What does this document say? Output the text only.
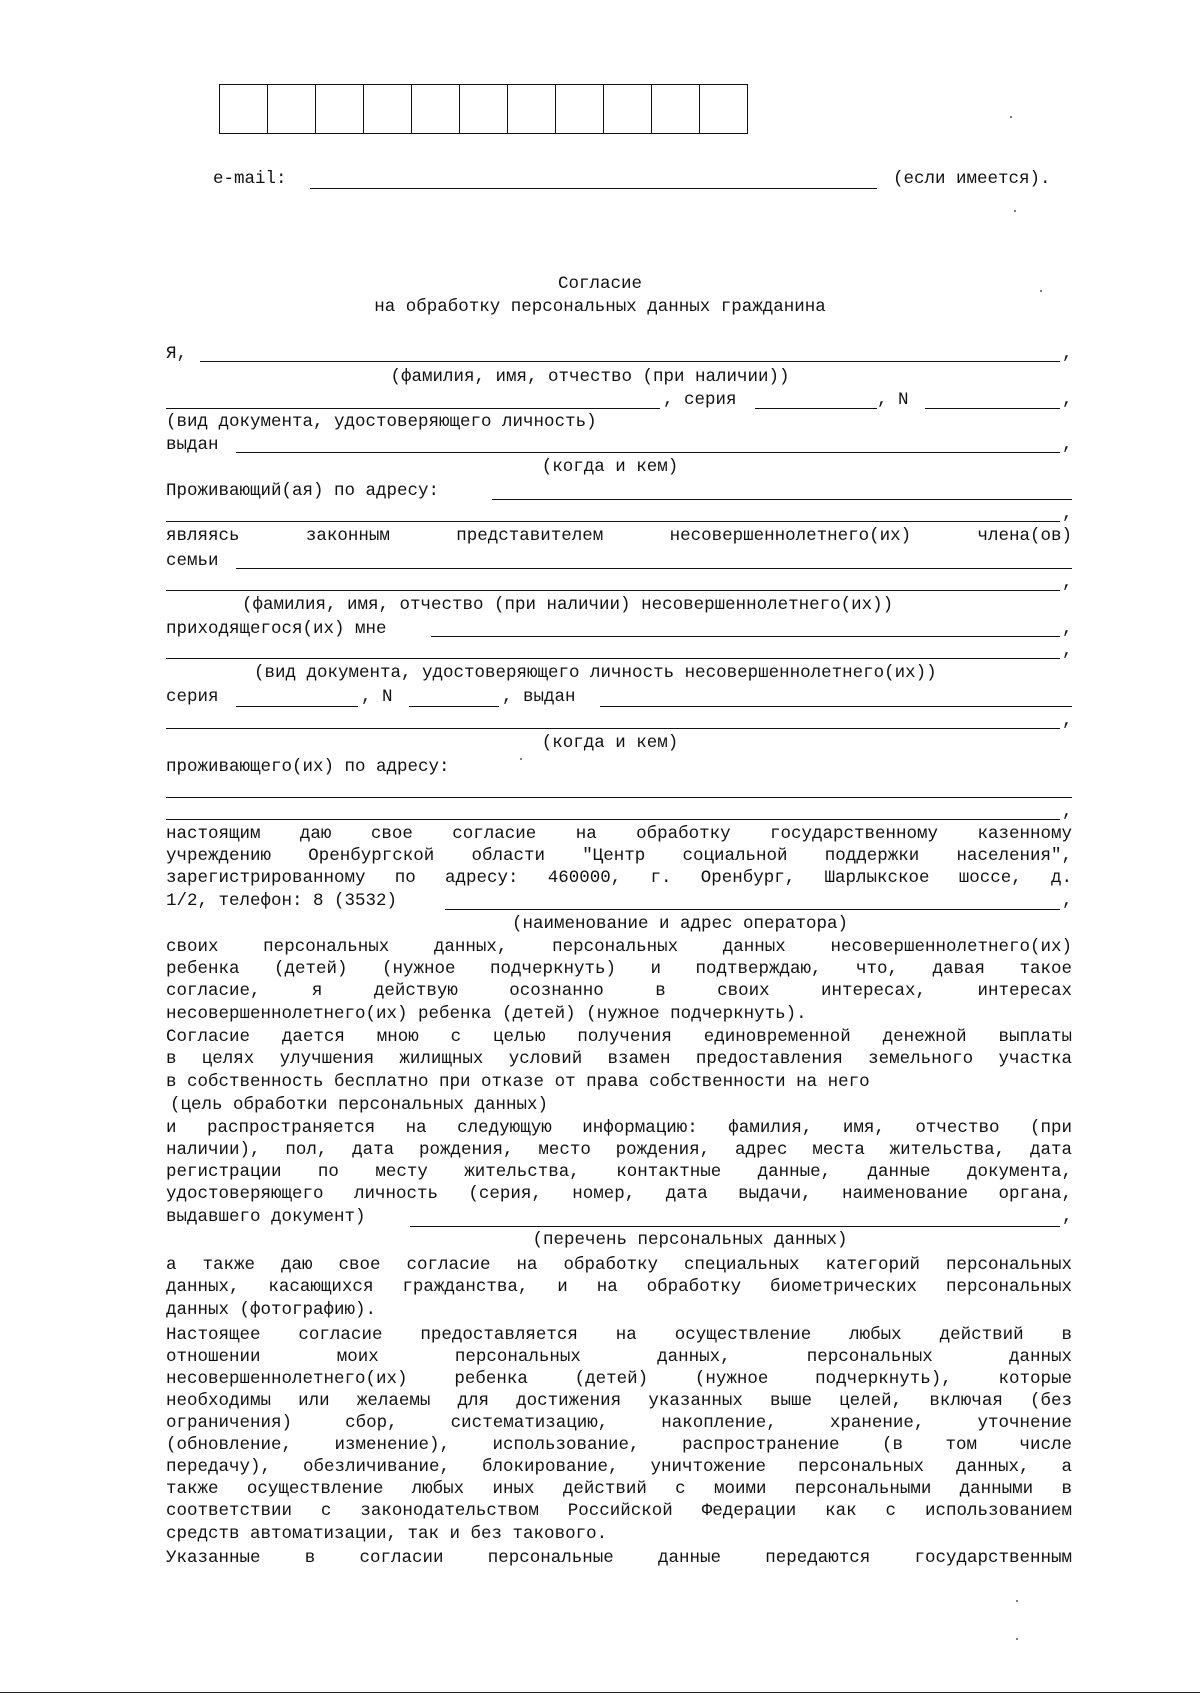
e-mail:	(если имеется).
Согласие
на обработку персональных данных гражданина
Я,	,
(фамилия, имя, отчество (при наличии))
, серия	, N	,
(вид документа, удостоверяющего личность)
выдан	,
(когда и кем)
Проживающий(ая) по адресу:
,
являясь	законным	представителем	несовершеннолетнего(их)	члена(ов)
семьи
,
(фамилия, имя, отчество (при наличии) несовершеннолетнего(их))
приходящегося(их) мне	,
,
(вид документа, удостоверяющего личность несовершеннолетнего(их))
серия	, N	, выдан
,
(когда и кем)
проживающего(их) по адресу:
,
настоящим даю свое согласие на обработку государственному казенному
учреждению Оренбургской области "Центр социальной поддержки населения",
зарегистрированному по адресу: 460000, г. Оренбург, Шарлыкское шоссе, д.
1/2, телефон: 8 (3532)	,
(наименование и адрес оператора)
своих персональных данных, персональных данных несовершеннолетнего(их)
ребенка (детей) (нужное подчеркнуть) и подтверждаю, что, давая такое
согласие, я действую осознанно в своих интересах, интересах
несовершеннолетнего(их) ребенка (детей) (нужное подчеркнуть).
Согласие дается мною с целью получения единовременной денежной выплаты
в целях улучшения жилищных условий взамен предоставления земельного участка
в собственность бесплатно при отказе от права собственности на него
(цель обработки персональных данных)
и распространяется на следующую информацию: фамилия, имя, отчество (при
наличии), пол, дата рождения, место рождения, адрес места жительства, дата
регистрации по месту жительства, контактные данные, данные документа,
удостоверяющего личность (серия, номер, дата выдачи, наименование органа,
выдавшего документ)	,
(перечень персональных данных)
а также даю свое согласие на обработку специальных категорий персональных
данных, касающихся гражданства, и на обработку биометрических персональных
данных (фотографию).
Настоящее согласие предоставляется на осуществление любых действий в
отношении моих персональных данных, персональных данных
несовершеннолетнего(их) ребенка (детей) (нужное подчеркнуть), которые
необходимы или желаемы для достижения указанных выше целей, включая (без
ограничения) сбор, систематизацию, накопление, хранение, уточнение
(обновление, изменение), использование, распространение (в том числе
передачу), обезличивание, блокирование, уничтожение персональных данных, а
также осуществление любых иных действий с моими персональными данными в
соответствии с законодательством Российской Федерации как с использованием
средств автоматизации, так и без такового.
Указанные в согласии персональные данные передаются государственным
